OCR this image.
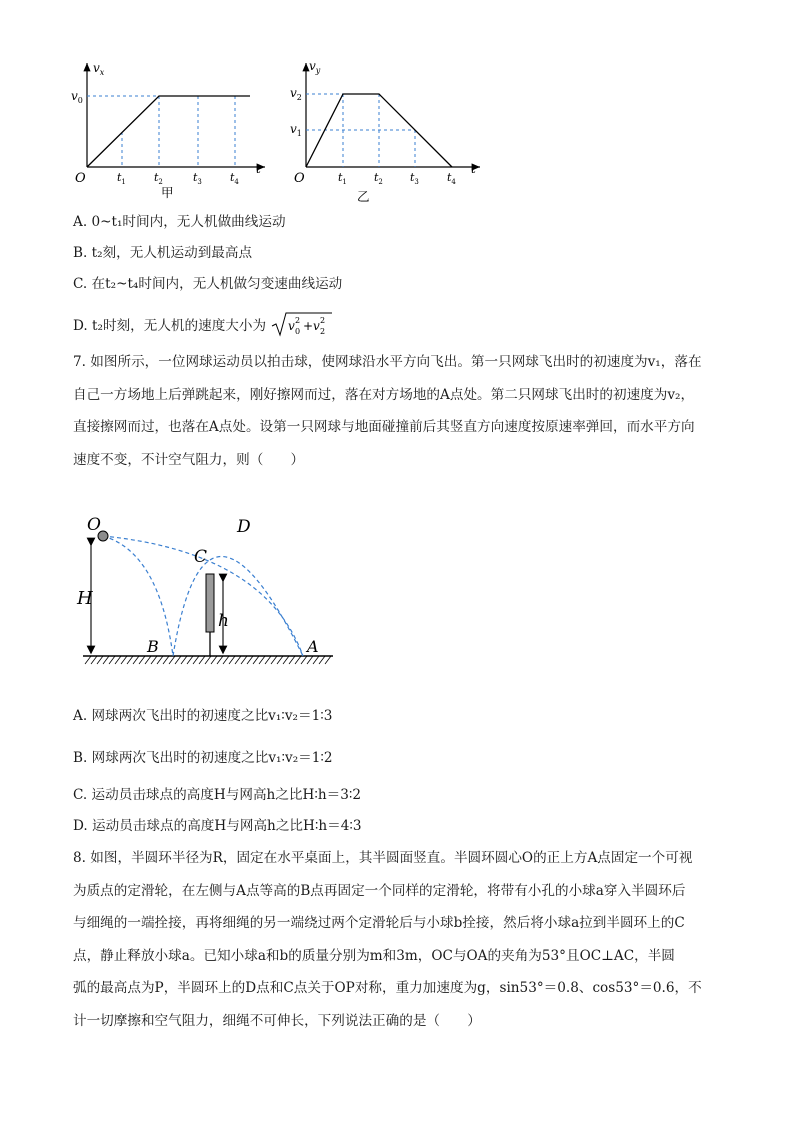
$v_x$
$v_0$
O
t
$t_1$	$t_2$	$t_3$	$t_4$
甲
$v_y$
$v_2$
$v_1$
O
t
$t_1$ $t_2$ $t_3$	$t_4$
乙
A. 0~t₁时间内，无人机做曲线运动
B. t₂刻，无人机运动到最高点
C. 在t₂~t₄时间内，无人机做匀变速曲线运动
D. t₂时刻，无人机的速度大小为 v 0
2 + v 2
2
7. 如图所示，一位网球运动员以拍击球，使网球沿水平方向飞出。第一只网球飞出时的初速度为v₁，落在
自己一方场地上后弹跳起来，刚好擦网而过，落在对方场地的A点处。第二只网球飞出时的初速度为v₂，
直接擦网而过，也落在A点处。设第一只网球与地面碰撞前后其竖直方向速度按原速率弹回，而水平方向
速度不变，不计空气阻力，则（　　）
O	D
C
H
h
B	A
A. 网球两次飞出时的初速度之比v₁∶v₂＝1∶3
B. 网球两次飞出时的初速度之比v₁∶v₂＝1∶2
C. 运动员击球点的高度H与网高h之比H∶h＝3∶2
D. 运动员击球点的高度H与网高h之比H∶h＝4∶3
8. 如图，半圆环半径为R，固定在水平桌面上，其半圆面竖直。半圆环圆心O的正上方A点固定一个可视
为质点的定滑轮，在左侧与A点等高的B点再固定一个同样的定滑轮，将带有小孔的小球a穿入半圆环后
与细绳的一端拴接，再将细绳的另一端绕过两个定滑轮后与小球b拴接，然后将小球a拉到半圆环上的C
点，静止释放小球a。已知小球a和b的质量分别为m和3m，OC与OA的夹角为53°且OC⊥AC，半圆
弧的最高点为P，半圆环上的D点和C点关于OP对称，重力加速度为g，sin53°＝0.8、cos53°＝0.6，不
计一切摩擦和空气阻力，细绳不可伸长，下列说法正确的是（　　）
